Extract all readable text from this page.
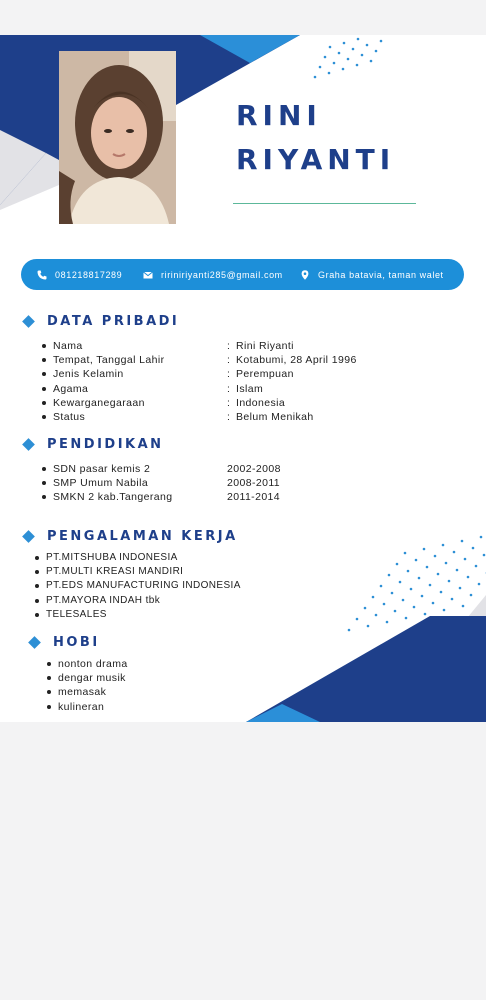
RINI
RIYANTI
081218817289	ririniriyanti285@gmail.com	Graha batavia, taman walet
DATA PRIBADI
Nama	: Rini Riyanti
Tempat, Tanggal Lahir	: Kotabumi, 28 April 1996
Jenis Kelamin	: Perempuan
Agama	: Islam
Kewarganegaraan	: Indonesia
Status	: Belum Menikah
PENDIDIKAN
SDN pasar kemis 2	2002-2008
SMP Umum Nabila	2008-2011
SMKN 2 kab.Tangerang	2011-2014
PENGALAMAN KERJA
PT.MITSHUBA INDONESIA
PT.MULTI KREASI MANDIRI
PT.EDS MANUFACTURING INDONESIA
PT.MAYORA INDAH tbk
TELESALES
HOBI
nonton drama
dengar musik
memasak
kulineran
